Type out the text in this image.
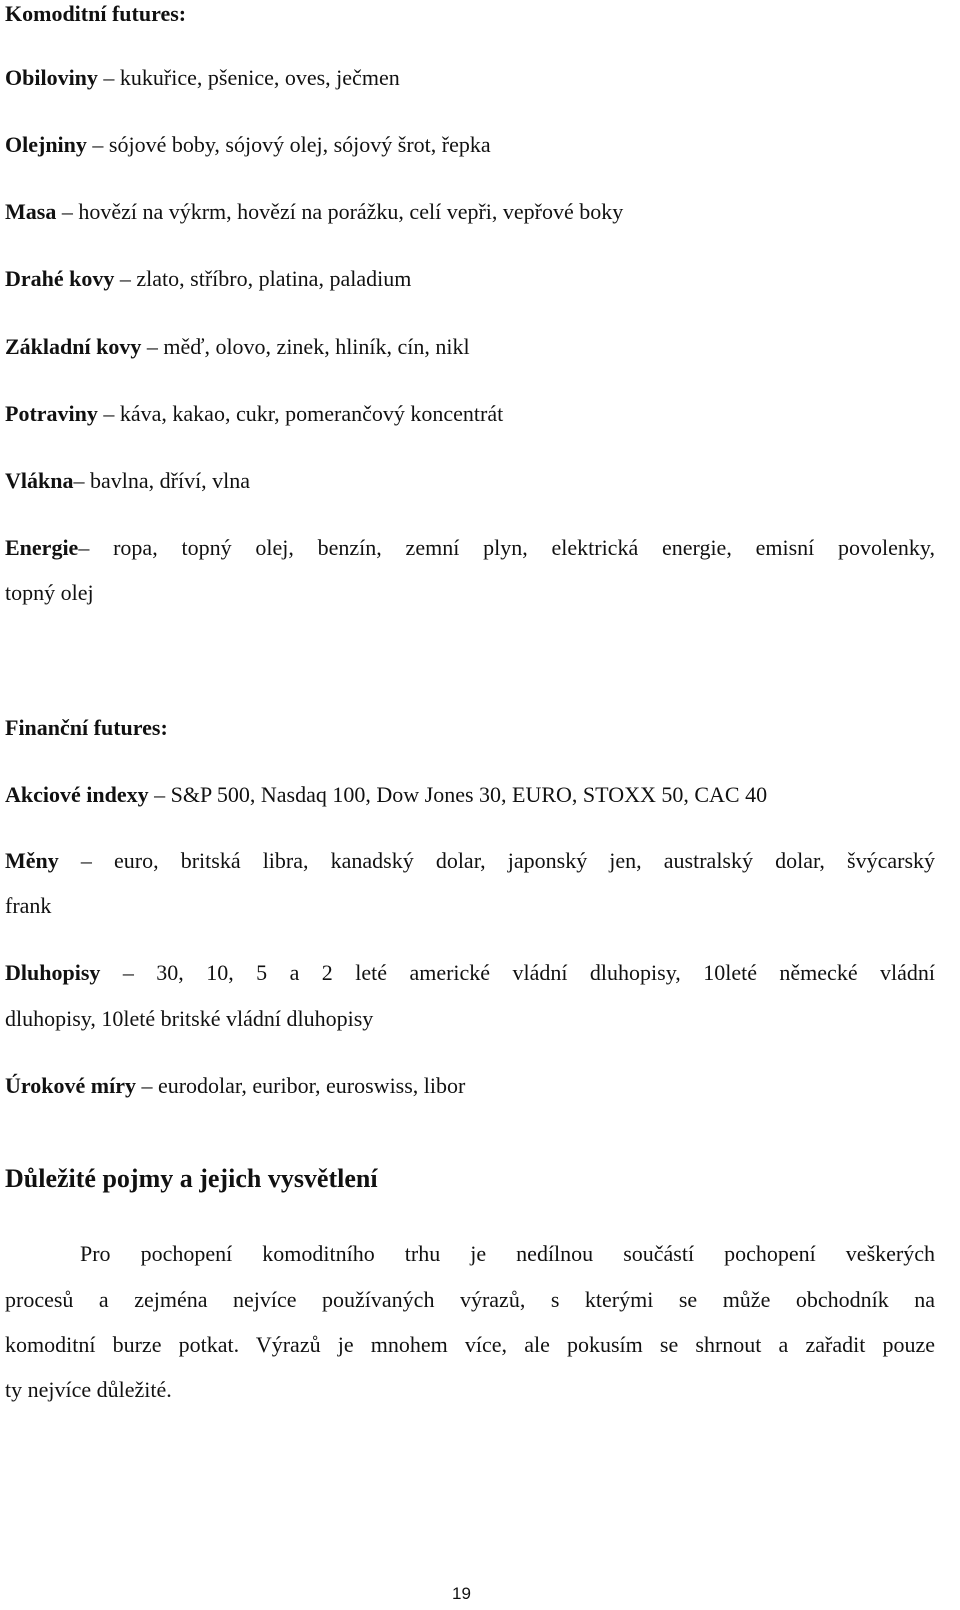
Komoditní futures:
Obiloviny – kukuřice, pšenice, oves, ječmen
Olejniny – sójové boby, sójový olej, sójový šrot, řepka
Masa – hovězí na výkrm, hovězí na porážku, celí vepři, vepřové boky
Drahé kovy – zlato, stříbro, platina, paladium
Základní kovy – měď, olovo, zinek, hliník, cín, nikl
Potraviny – káva, kakao, cukr, pomerančový koncentrát
Vlákna– bavlna, dříví, vlna
Energie– ropa, topný olej, benzín, zemní plyn, elektrická energie, emisní povolenky,
topný olej
Finanční futures:
Akciové indexy – S&P 500, Nasdaq 100, Dow Jones 30, EURO, STOXX 50, CAC 40
Měny – euro, britská libra, kanadský dolar, japonský jen, australský dolar, švýcarský
frank
Dluhopisy – 30, 10, 5 a 2 leté americké vládní dluhopisy, 10leté německé vládní
dluhopisy, 10leté britské vládní dluhopisy
Úrokové míry – eurodolar, euribor, euroswiss, libor
Důležité pojmy a jejich vysvětlení
Pro pochopení komoditního trhu je nedílnou součástí pochopení veškerých
procesů a zejména nejvíce používaných výrazů, s kterými se může obchodník na
komoditní burze potkat. Výrazů je mnohem více, ale pokusím se shrnout a zařadit pouze
ty nejvíce důležité.
19
